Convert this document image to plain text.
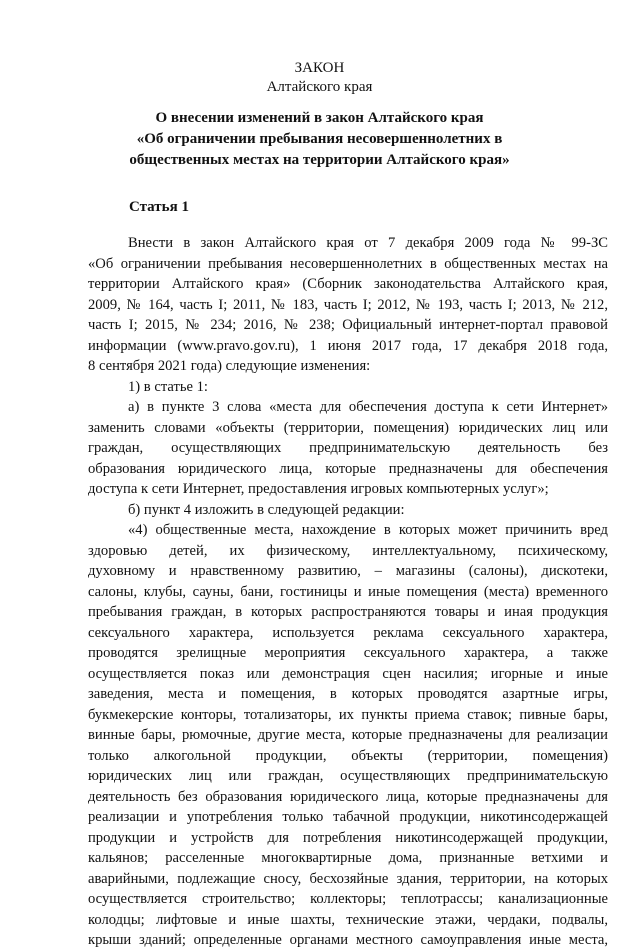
ЗАКОН
Алтайского края
О внесении изменений в закон Алтайского края
«Об ограничении пребывания несовершеннолетних в
общественных местах на территории Алтайского края»
Статья 1
Внести в закон Алтайского края от 7 декабря 2009 года № 99-ЗС
«Об ограничении пребывания несовершеннолетних в общественных местах на
территории Алтайского края» (Сборник законодательства Алтайского края,
2009, № 164, часть I; 2011, № 183, часть I; 2012, № 193, часть I; 2013, № 212,
часть I; 2015, № 234; 2016, № 238; Официальный интернет-портал правовой
информации (www.pravo.gov.ru), 1 июня 2017 года, 17 декабря 2018 года,
8 сентября 2021 года) следующие изменения:
1) в статье 1:
а) в пункте 3 слова «места для обеспечения доступа к сети Интернет»
заменить словами «объекты (территории, помещения) юридических лиц или
граждан, осуществляющих предпринимательскую деятельность без
образования юридического лица, которые предназначены для обеспечения
доступа к сети Интернет, предоставления игровых компьютерных услуг»;
б) пункт 4 изложить в следующей редакции:
«4) общественные места, нахождение в которых может причинить вред
здоровью детей, их физическому, интеллектуальному, психическому,
духовному и нравственному развитию, – магазины (салоны), дискотеки,
салоны, клубы, сауны, бани, гостиницы и иные помещения (места) временного
пребывания граждан, в которых распространяются товары и иная продукция
сексуального характера, используется реклама сексуального характера,
проводятся зрелищные мероприятия сексуального характера, а также
осуществляется показ или демонстрация сцен насилия; игорные и иные
заведения, места и помещения, в которых проводятся азартные игры,
букмекерские конторы, тотализаторы, их пункты приема ставок; пивные бары,
винные бары, рюмочные, другие места, которые предназначены для реализации
только алкогольной продукции, объекты (территории, помещения)
юридических лиц или граждан, осуществляющих предпринимательскую
деятельность без образования юридического лица, которые предназначены для
реализации и употребления только табачной продукции, никотинсодержащей
продукции и устройств для потребления никотинсодержащей продукции,
кальянов; расселенные многоквартирные дома, признанные ветхими и
аварийными, подлежащие сносу, бесхозяйные здания, территории, на которых
осуществляется строительство; коллекторы; теплотрассы; канализационные
колодцы; лифтовые и иные шахты, технические этажи, чердаки, подвалы,
крыши зданий; определенные органами местного самоуправления иные места,
